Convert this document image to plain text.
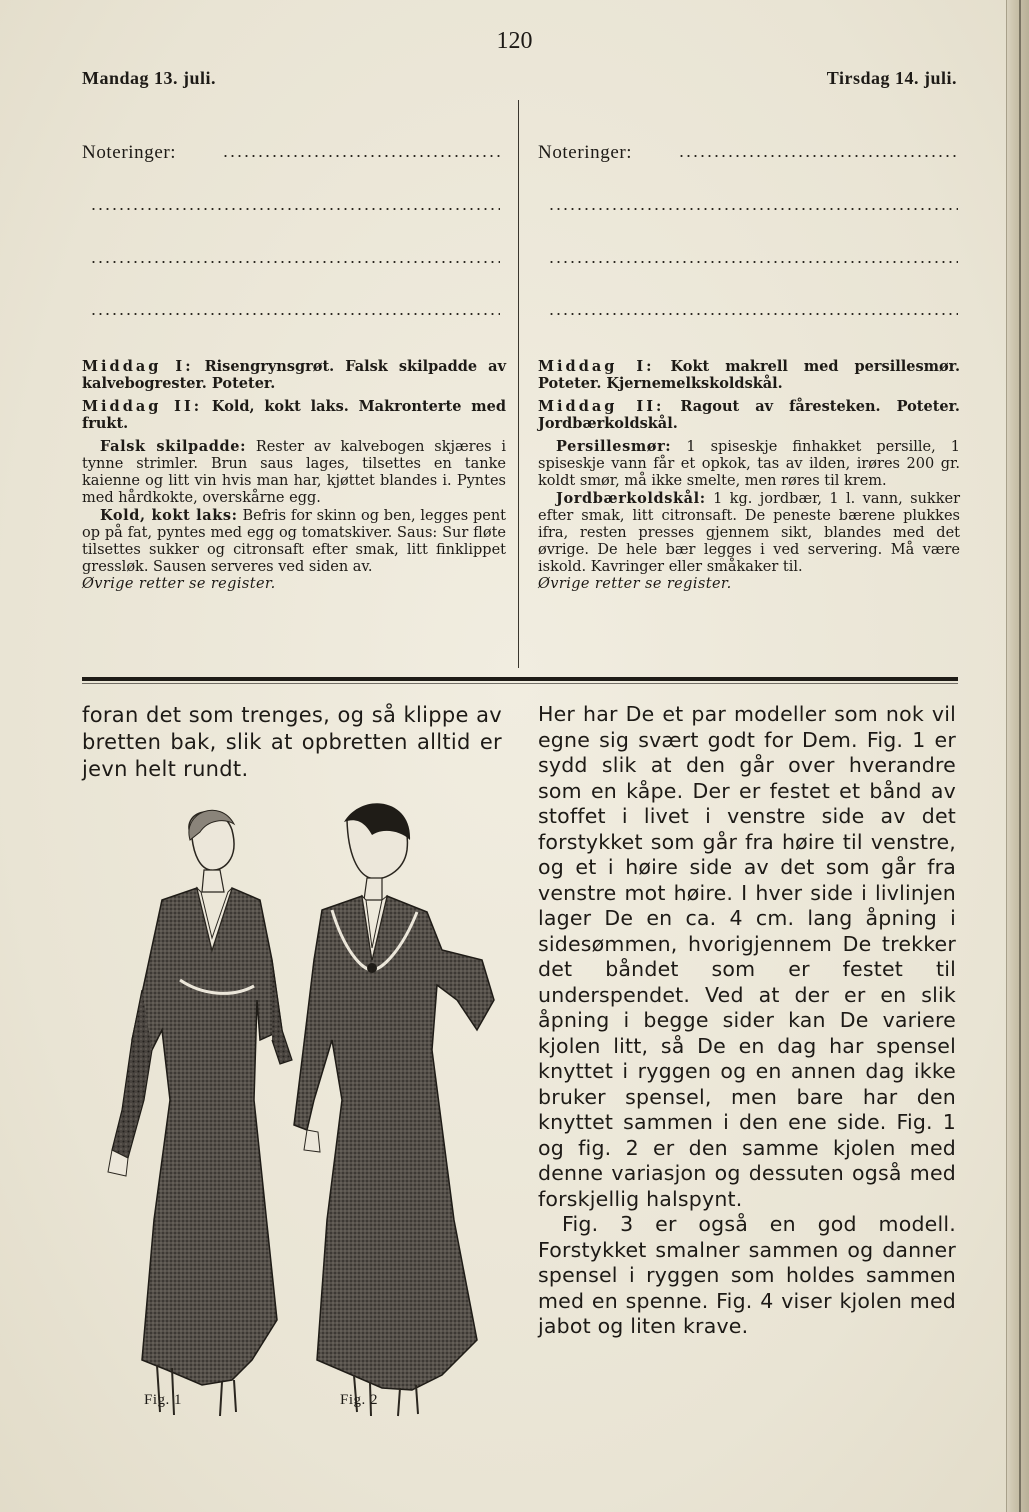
120
Mandag 13. juli.	Tirsdag 14. juli.
Noteringer:	Noteringer:

Middag I: Risengrynsgrøt. Falsk skilpadde av kalvebogrester. Poteter.

Middag II: Kold, kokt laks. Makronterte med frukt.

Falsk skilpadde: Rester av kalvebogen skjæres i tynne strimler. Brun saus lages, tilsettes en tanke kaienne og litt vin hvis man har, kjøttet blandes i. Pyntes med hårdkokte, overskårne egg.

Kold, kokt laks: Befris for skinn og ben, legges pent op på fat, pyntes med egg og tomatskiver. Saus: Sur fløte tilsettes sukker og citronsaft efter smak, litt finklippet gressløk. Sausen serveres ved siden av.

Øvrige retter se register.

Middag I: Kokt makrell med persillesmør. Poteter. Kjernemelkskoldskål.

Middag II: Ragout av fåresteken. Poteter. Jordbærkoldskål.

Persillesmør: 1 spiseskje finhakket persille, 1 spiseskje vann får et opkok, tas av ilden, irøres 200 gr. koldt smør, må ikke smelte, men røres til krem.

Jordbærkoldskål: 1 kg. jordbær, 1 l. vann, sukker efter smak, litt citronsaft. De peneste bærene plukkes ifra, resten presses gjennem sikt, blandes med det øvrige. De hele bær legges i ved servering. Må være iskold. Kavringer eller småkaker til.

Øvrige retter se register.

foran det som trenges, og så klippe av bretten bak, slik at opbretten alltid er jevn helt rundt.

Fig. 1	Fig. 2

Her har De et par modeller som nok vil egne sig svært godt for Dem. Fig. 1 er sydd slik at den går over hverandre som en kåpe. Der er festet et bånd av stoffet i livet i venstre side av det forstykket som går fra høire til venstre, og et i høire side av det som går fra venstre mot høire. I hver side i livlinjen lager De en ca. 4 cm. lang åpning i sidesømmen, hvorigjennem De trekker det båndet som er festet til underspendet. Ved at der er en slik åpning i begge sider kan De variere kjolen litt, så De en dag har spensel knyttet i ryggen og en annen dag ikke bruker spensel, men bare har den knyttet sammen i den ene side. Fig. 1 og fig. 2 er den samme kjolen med denne variasjon og dessuten også med forskjellig halspynt.

Fig. 3 er også en god modell. Forstykket smalner sammen og danner spensel i ryggen som holdes sammen med en spenne. Fig. 4 viser kjolen med jabot og liten krave.
